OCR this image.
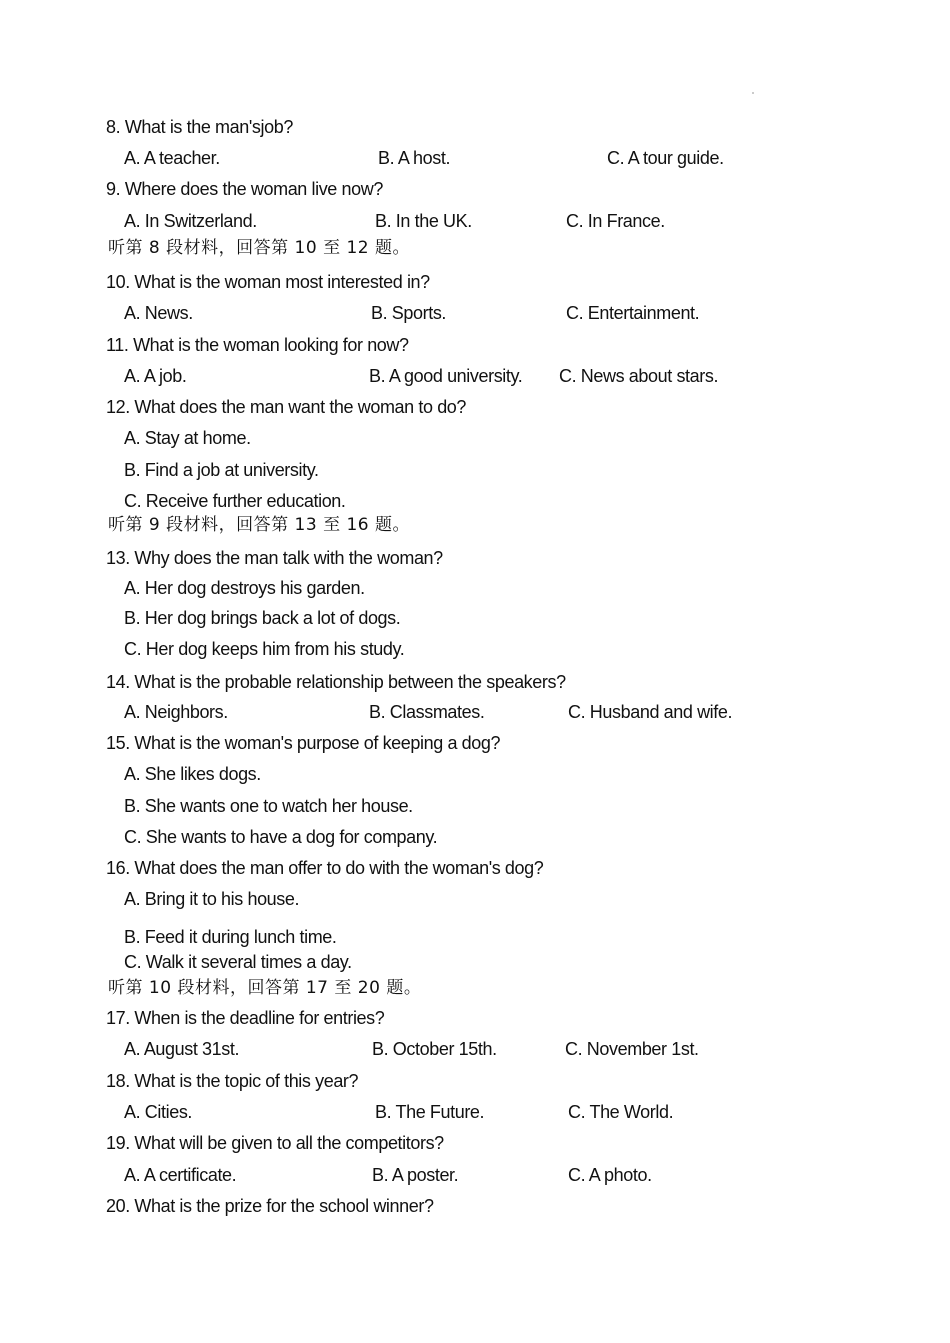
8. What is the man'sjob?
A. A teacher.	B. A host.	C. A tour guide.
9. Where does the woman live now?
A. In Switzerland.	B. In the UK.	C. In France.
听第 8 段材料，回答第 10 至 12 题。
10. What is the woman most interested in?
A. News.	B. Sports.	C. Entertainment.
11. What is the woman looking for now?
A. A job.	B. A good university. C. News about stars.
12. What does the man want the woman to do?
A. Stay at home.
B. Find a job at university.
C. Receive further education.
听第 9 段材料，回答第 13 至 16 题。
13. Why does the man talk with the woman?
A. Her dog destroys his garden.
B. Her dog brings back a lot of dogs.
C. Her dog keeps him from his study.
14. What is the probable relationship between the speakers?
A. Neighbors.	B. Classmates.	C. Husband and wife.
15. What is the woman's purpose of keeping a dog?
A. She likes dogs.
B. She wants one to watch her house.
C. She wants to have a dog for company.
16. What does the man offer to do with the woman's dog?
A. Bring it to his house.
B. Feed it during lunch time.
C. Walk it several times a day.
听第 10 段材料，回答第 17 至 20 题。
17. When is the deadline for entries?
A. August 31st.	B. October 15th.	C. November 1st.
18. What is the topic of this year?
A. Cities.	B. The Future.	C. The World.
19. What will be given to all the competitors?
A. A certificate.	B. A poster.	C. A photo.
20. What is the prize for the school winner?
